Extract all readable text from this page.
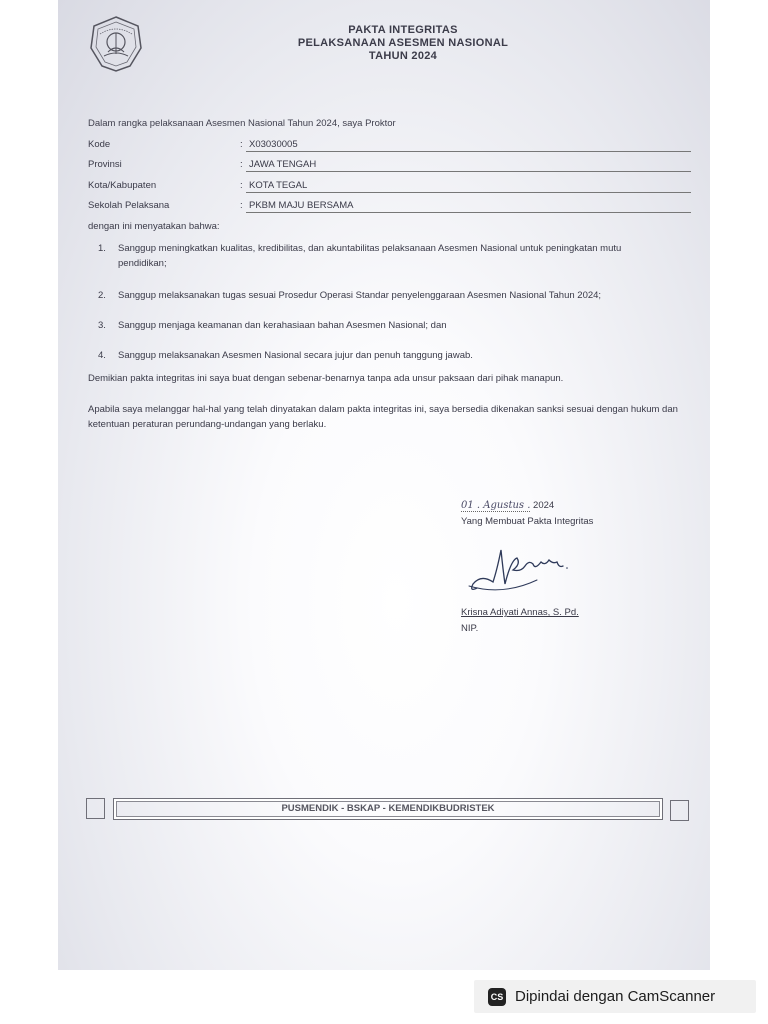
PAKTA INTEGRITAS
PELAKSANAAN ASESMEN NASIONAL
TAHUN 2024
Dalam rangka pelaksanaan Asesmen Nasional Tahun 2024, saya Proktor
Kode	: X03030005
Provinsi	: JAWA TENGAH
Kota/Kabupaten	: KOTA TEGAL
Sekolah Pelaksana	: PKBM MAJU BERSAMA
dengan ini menyatakan bahwa:
1. Sanggup meningkatkan kualitas, kredibilitas, dan akuntabilitas pelaksanaan Asesmen Nasional untuk peningkatan mutu pendidikan;
2. Sanggup melaksanakan tugas sesuai Prosedur Operasi Standar penyelenggaraan Asesmen Nasional Tahun 2024;
3. Sanggup menjaga keamanan dan kerahasiaan bahan Asesmen Nasional; dan
4. Sanggup melaksanakan Asesmen Nasional secara jujur dan penuh tanggung jawab.
Demikian pakta integritas ini saya buat dengan sebenar-benarnya tanpa ada unsur paksaan dari pihak manapun.
Apabila saya melanggar hal-hal yang telah dinyatakan dalam pakta integritas ini, saya bersedia dikenakan sanksi sesuai dengan hukum dan ketentuan peraturan perundang-undangan yang berlaku.
01 . Agustus . 2024
Yang Membuat Pakta Integritas
Krisna Adiyati Annas, S. Pd.
NIP.
PUSMENDIK - BSKAP - KEMENDIKBUDRISTEK
CS Dipindai dengan CamScanner
